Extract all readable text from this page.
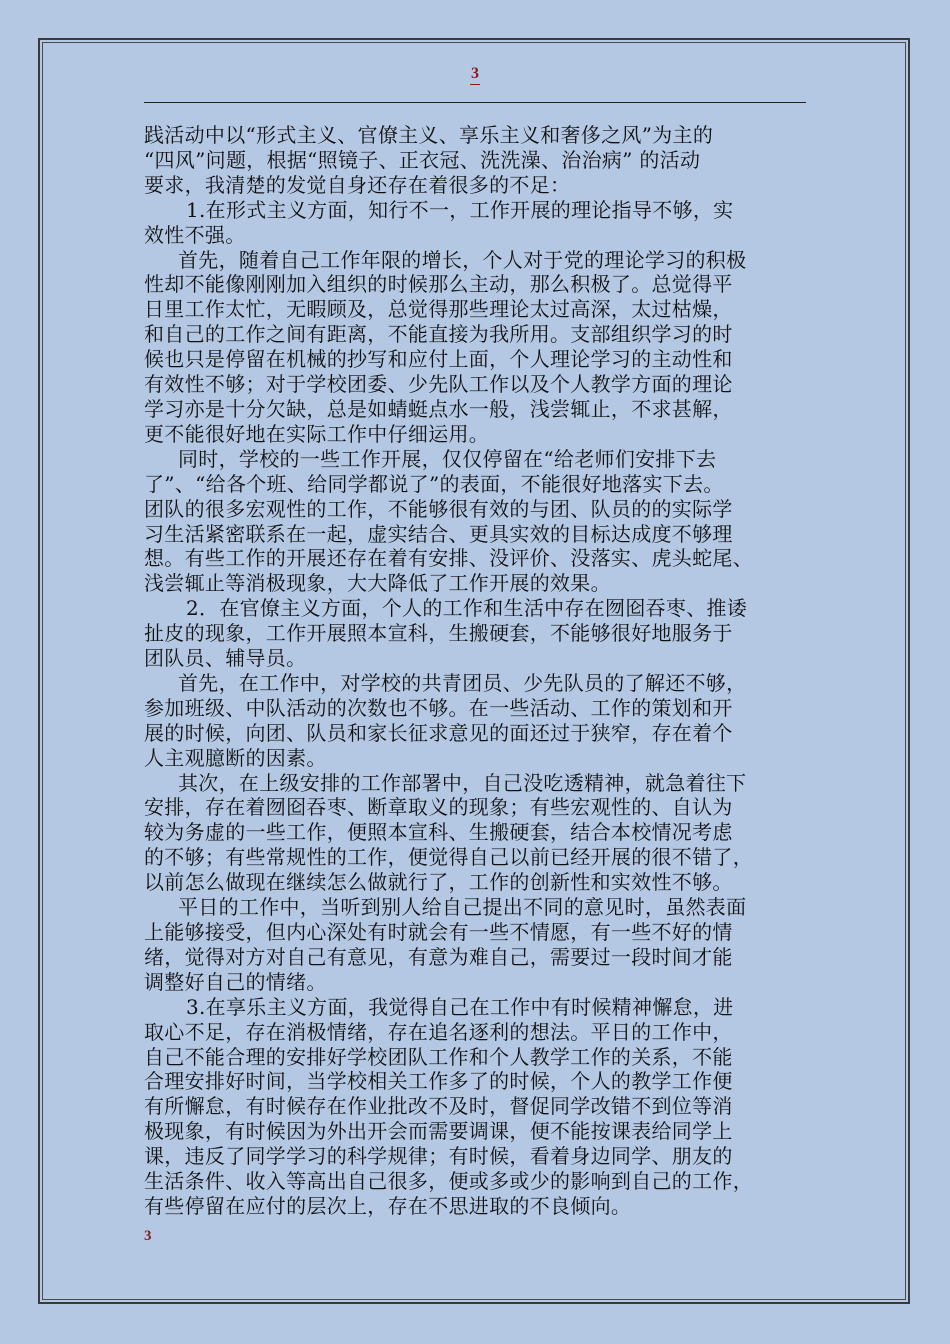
3

践活动中以“形式主义、官僚主义、享乐主义和奢侈之风”为主的

“四风”问题，根据“照镜子、正衣冠、洗洗澡、治治病” 的活动

要求，我清楚的发觉自身还存在着很多的不足：

1.在形式主义方面，知行不一，工作开展的理论指导不够，实

效性不强。

首先，随着自己工作年限的增长，个人对于党的理论学习的积极

性却不能像刚刚加入组织的时候那么主动，那么积极了。总觉得平

日里工作太忙，无暇顾及，总觉得那些理论太过高深，太过枯燥，

和自己的工作之间有距离，不能直接为我所用。支部组织学习的时

候也只是停留在机械的抄写和应付上面，个人理论学习的主动性和

有效性不够；对于学校团委、少先队工作以及个人教学方面的理论

学习亦是十分欠缺，总是如蜻蜓点水一般，浅尝辄止，不求甚解，

更不能很好地在实际工作中仔细运用。

同时，学校的一些工作开展，仅仅停留在“给老师们安排下去

了”、“给各个班、给同学都说了”的表面，不能很好地落实下去。

团队的很多宏观性的工作，不能够很有效的与团、队员的的实际学

习生活紧密联系在一起，虚实结合、更具实效的目标达成度不够理

想。有些工作的开展还存在着有安排、没评价、没落实、虎头蛇尾、

浅尝辄止等消极现象，大大降低了工作开展的效果。

2．在官僚主义方面，个人的工作和生活中存在囫囵吞枣、推诿

扯皮的现象，工作开展照本宣科，生搬硬套，不能够很好地服务于

团队员、辅导员。

首先，在工作中，对学校的共青团员、少先队员的了解还不够，

参加班级、中队活动的次数也不够。在一些活动、工作的策划和开

展的时候，向团、队员和家长征求意见的面还过于狭窄，存在着个

人主观臆断的因素。

其次，在上级安排的工作部署中，自己没吃透精神，就急着往下

安排，存在着囫囵吞枣、断章取义的现象；有些宏观性的、自认为

较为务虚的一些工作，便照本宣科、生搬硬套，结合本校情况考虑

的不够；有些常规性的工作，便觉得自己以前已经开展的很不错了，

以前怎么做现在继续怎么做就行了，工作的创新性和实效性不够。

平日的工作中，当听到别人给自己提出不同的意见时，虽然表面

上能够接受，但内心深处有时就会有一些不情愿，有一些不好的情

绪，觉得对方对自己有意见，有意为难自己，需要过一段时间才能

调整好自己的情绪。

3.在享乐主义方面，我觉得自己在工作中有时候精神懈怠，进

取心不足，存在消极情绪，存在追名逐利的想法。平日的工作中，

自己不能合理的安排好学校团队工作和个人教学工作的关系，不能

合理安排好时间，当学校相关工作多了的时候，个人的教学工作便

有所懈怠，有时候存在作业批改不及时，督促同学改错不到位等消

极现象，有时候因为外出开会而需要调课，便不能按课表给同学上

课，违反了同学学习的科学规律；有时候，看着身边同学、朋友的

生活条件、收入等高出自己很多，便或多或少的影响到自己的工作，

有些停留在应付的层次上，存在不思进取的不良倾向。

3
